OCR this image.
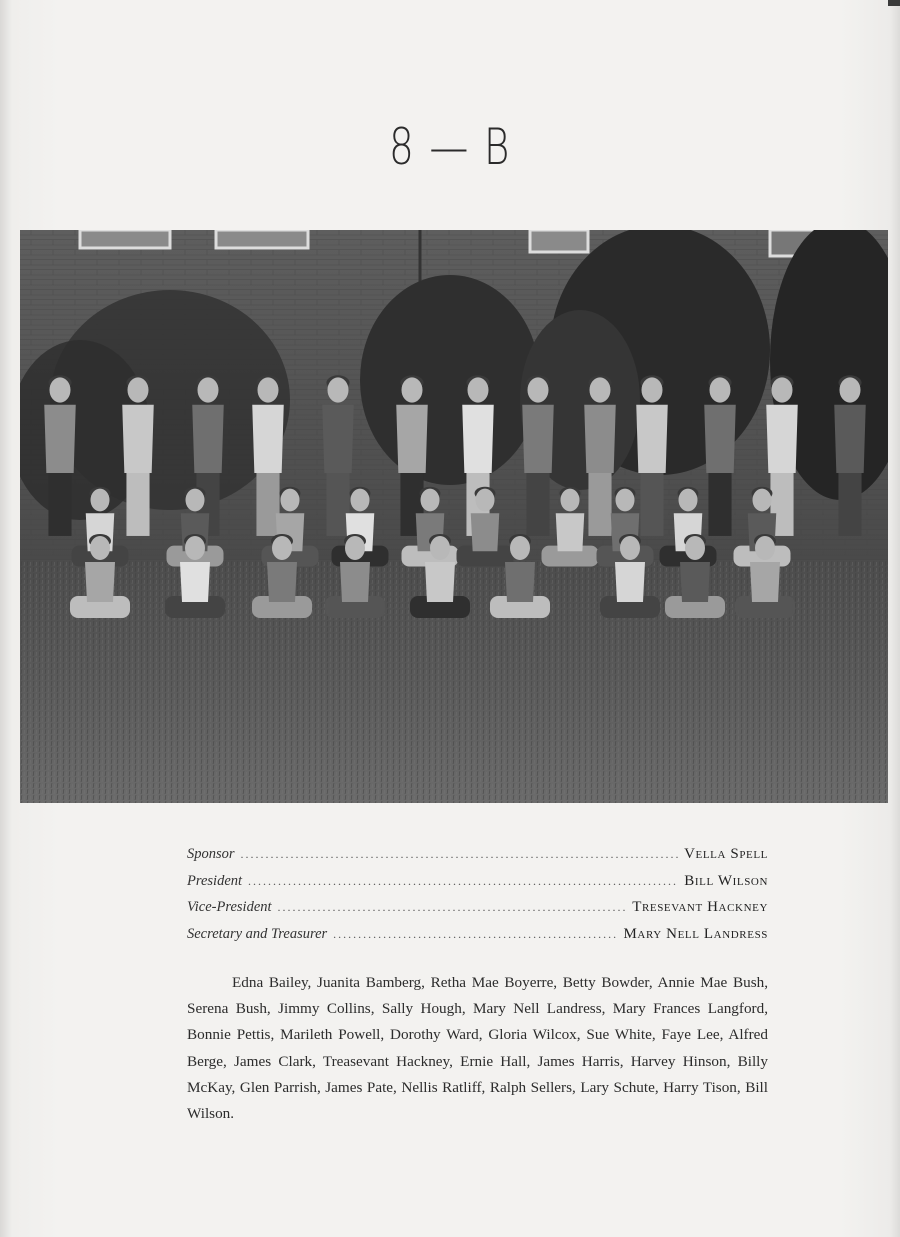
8 — B
Sponsor .....	Vella Spell
President .....	Bill Wilson
Vice-President .....	Tresevant Hackney
Secretary and Treasurer .....	Mary Nell Landress

Edna Bailey, Juanita Bamberg, Retha Mae Boyerre, Betty Bowder, Annie Mae Bush, Serena Bush, Jimmy Collins, Sally Hough, Mary Nell Landress, Mary Frances Langford, Bonnie Pettis, Marileth Powell, Dorothy Ward, Gloria Wilcox, Sue White, Faye Lee, Alfred Berge, James Clark, Treasevant Hackney, Ernie Hall, James Harris, Harvey Hinson, Billy McKay, Glen Parrish, James Pate, Nellis Ratliff, Ralph Sellers, Lary Schute, Harry Tison, Bill Wilson.
